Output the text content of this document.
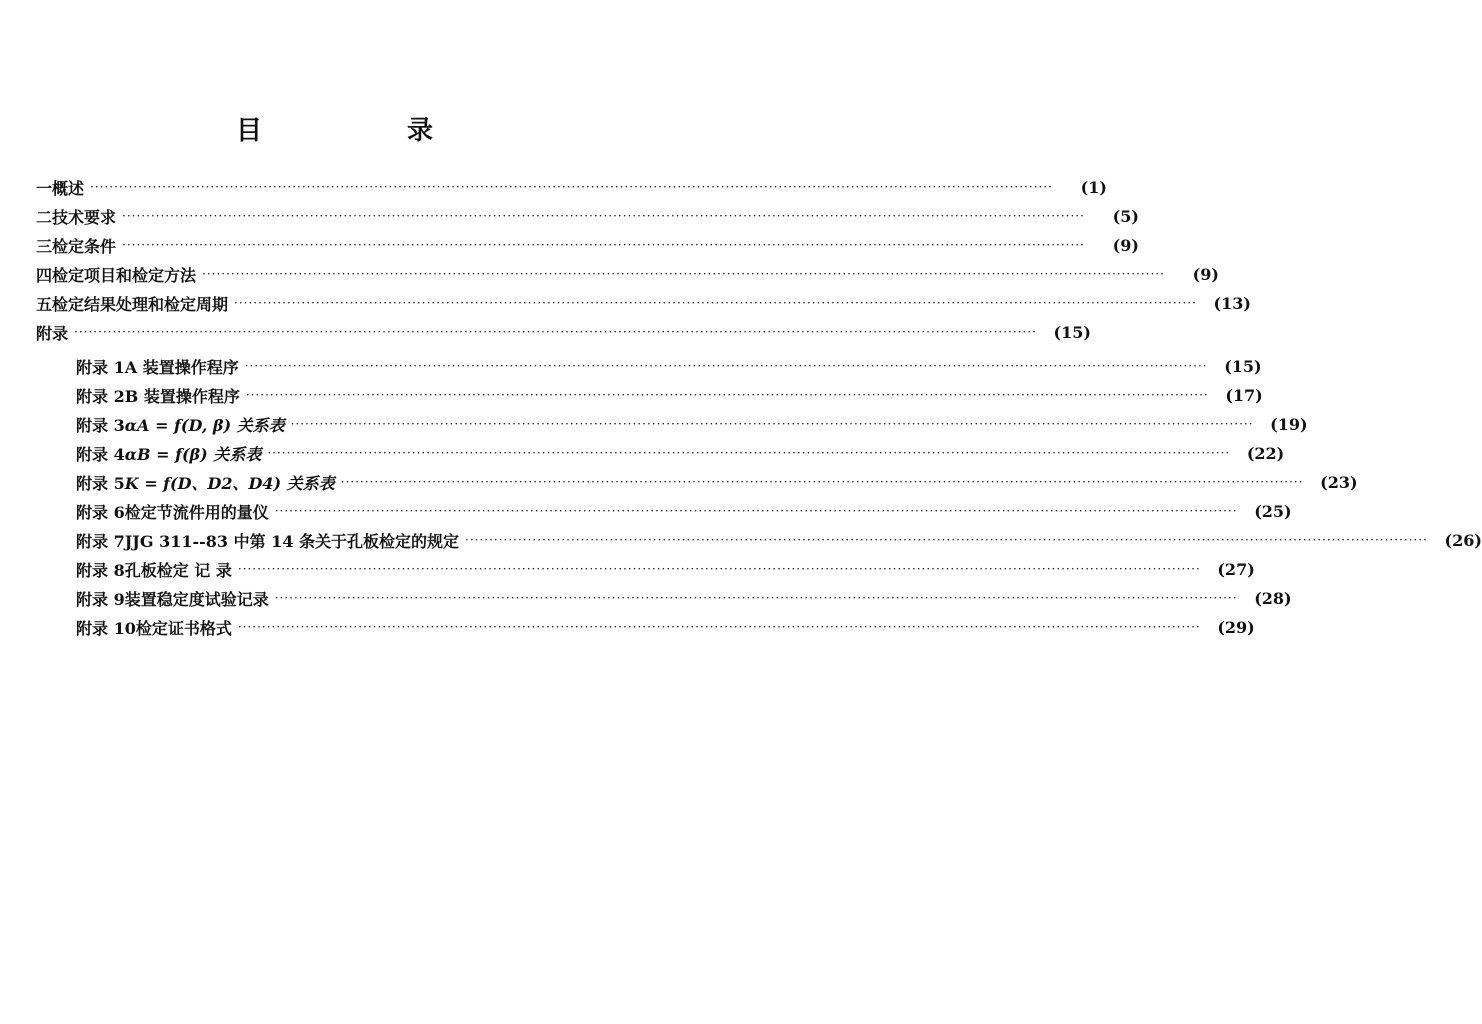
目 录
一 概述 ········································································································································································································	(1)
二 技术要求 ········································································································································································································	(5)
三 检定条件 ········································································································································································································	(9)
四 检定项目和检定方法 ········································································································································································································	(9)
五 检定结果处理和检定周期 ········································································································································································································	(13)
附录 ········································································································································································································	(15)
附录 1 A 装置操作程序 ········································································································································································································	(15)
附录 2 B 装置操作程序 ········································································································································································································	(17)
附录 3 αA = f(D, β) 关系表 ········································································································································································································	(19)
附录 4 αB = f(β) 关系表 ········································································································································································································	(22)
附录 5 K = f(D、D2、D4) 关系表 ········································································································································································································	(23)
附录 6 检定节流件用的量仪 ········································································································································································································	(25)
附录 7 JJG 311--83 中第 14 条关于孔板检定的规定 ········································································································································································································	(26)
附录 8 孔板检定 记 录 ········································································································································································································	(27)
附录 9 装置稳定度试验记录 ········································································································································································································	(28)
附录 10 检定证书格式 ········································································································································································································	(29)
